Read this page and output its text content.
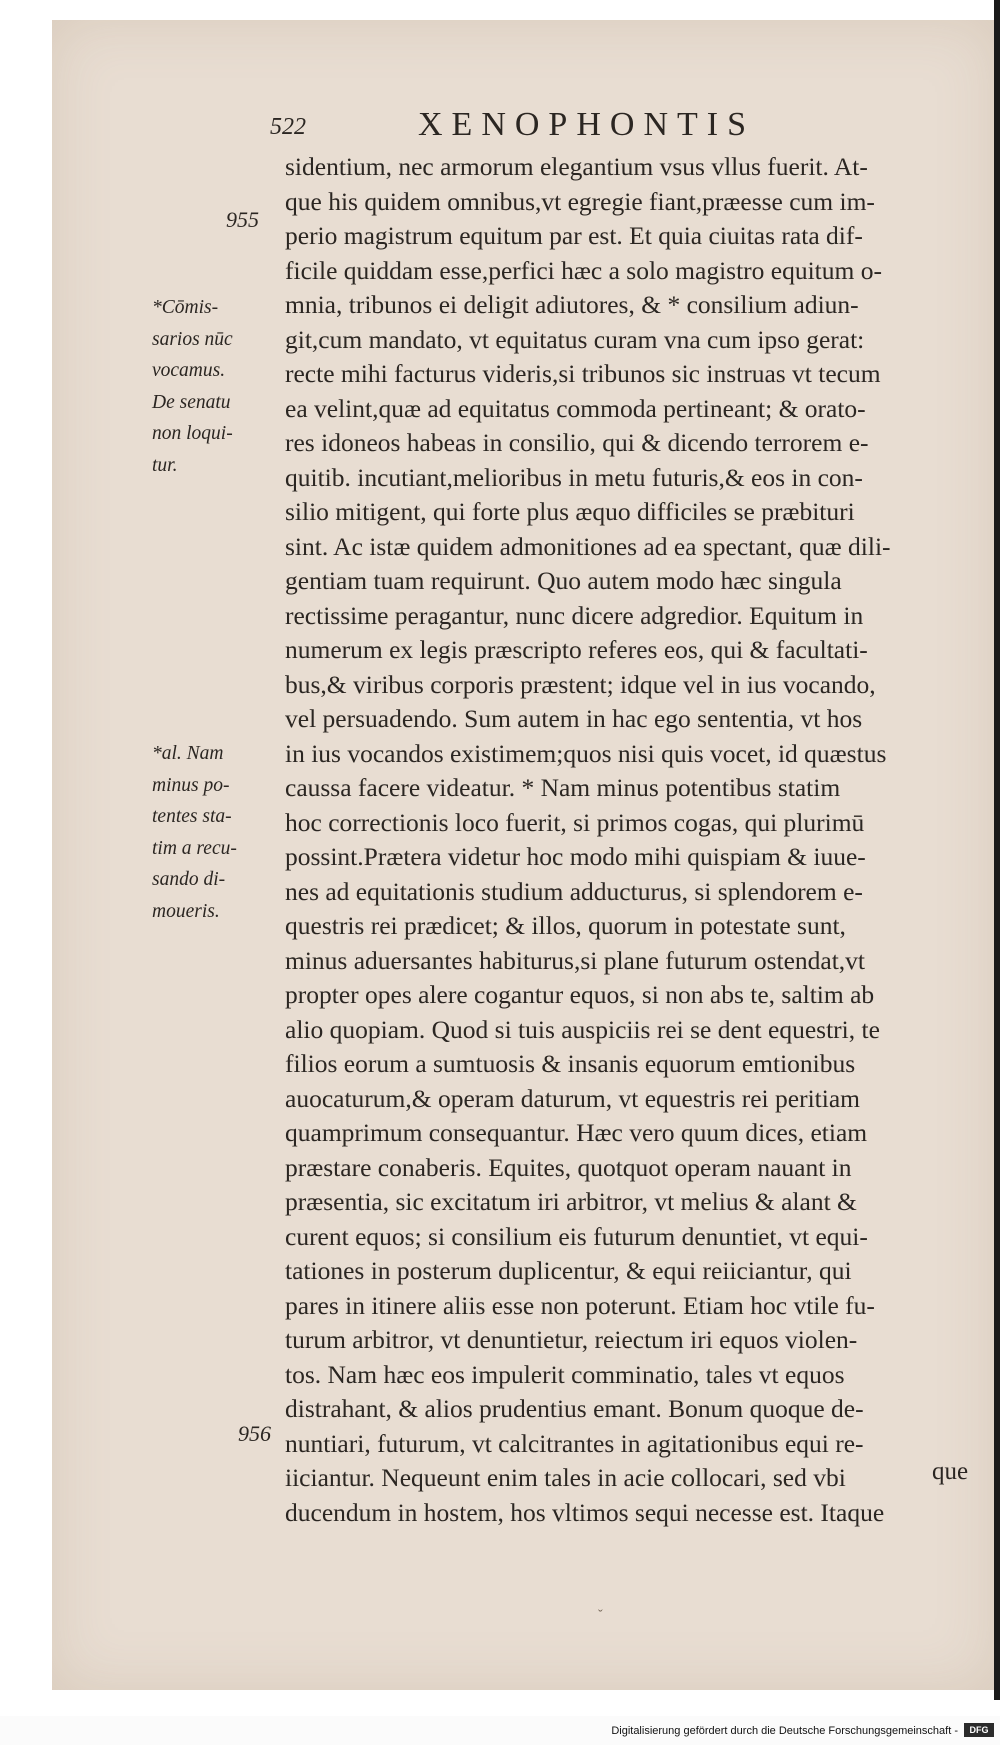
522	XENOPHONTIS
955
956
*Cōmis-
sarios nūc
vocamus.
De senatu
non loqui-
tur.
*al. Nam
minus po-
tentes sta-
tim a recu-
sando di-
moueris.
sidentium, nec armorum elegantium vsus vllus fuerit. At-
que his quidem omnibus,vt egregie fiant,præesse cum im-
perio magistrum equitum par est. Et quia ciuitas rata dif-
ficile quiddam esse,perfici hæc a solo magistro equitum o-
mnia, tribunos ei deligit adiutores, & * consilium adiun-
git,cum mandato, vt equitatus curam vna cum ipso gerat:
recte mihi facturus videris,si tribunos sic instruas vt tecum
ea velint,quæ ad equitatus commoda pertineant; & orato-
res idoneos habeas in consilio, qui & dicendo terrorem e-
quitib. incutiant,melioribus in metu futuris,& eos in con-
silio mitigent, qui forte plus æquo difficiles se præbituri
sint. Ac istæ quidem admonitiones ad ea spectant, quæ dili-
gentiam tuam requirunt. Quo autem modo hæc singula
rectissime peragantur, nunc dicere adgredior. Equitum in
numerum ex legis præscripto referes eos, qui & facultati-
bus,& viribus corporis præstent; idque vel in ius vocando,
vel persuadendo. Sum autem in hac ego sententia, vt hos
in ius vocandos existimem;quos nisi quis vocet, id quæstus
caussa facere videatur. * Nam minus potentibus statim
hoc correctionis loco fuerit, si primos cogas, qui plurimū
possint.Prætera videtur hoc modo mihi quispiam & iuue-
nes ad equitationis studium adducturus, si splendorem e-
questris rei prædicet; & illos, quorum in potestate sunt,
minus aduersantes habiturus,si plane futurum ostendat,vt
propter opes alere cogantur equos, si non abs te, saltim ab
alio quopiam. Quod si tuis auspiciis rei se dent equestri, te
filios eorum a sumtuosis & insanis equorum emtionibus
auocaturum,& operam daturum, vt equestris rei peritiam
quamprimum consequantur. Hæc vero quum dices, etiam
præstare conaberis. Equites, quotquot operam nauant in
præsentia, sic excitatum iri arbitror, vt melius & alant &
curent equos; si consilium eis futurum denuntiet, vt equi-
tationes in posterum duplicentur, & equi reiiciantur, qui
pares in itinere aliis esse non poterunt. Etiam hoc vtile fu-
turum arbitror, vt denuntietur, reiectum iri equos violen-
tos. Nam hæc eos impulerit comminatio, tales vt equos
distrahant, & alios prudentius emant. Bonum quoque de-
nuntiari, futurum, vt calcitrantes in agitationibus equi re-
iiciantur. Nequeunt enim tales in acie collocari, sed vbi
ducendum in hostem, hos vltimos sequi necesse est. Itaque
que
ˇ
Digitalisierung gefördert durch die Deutsche Forschungsgemeinschaft -	DFG
